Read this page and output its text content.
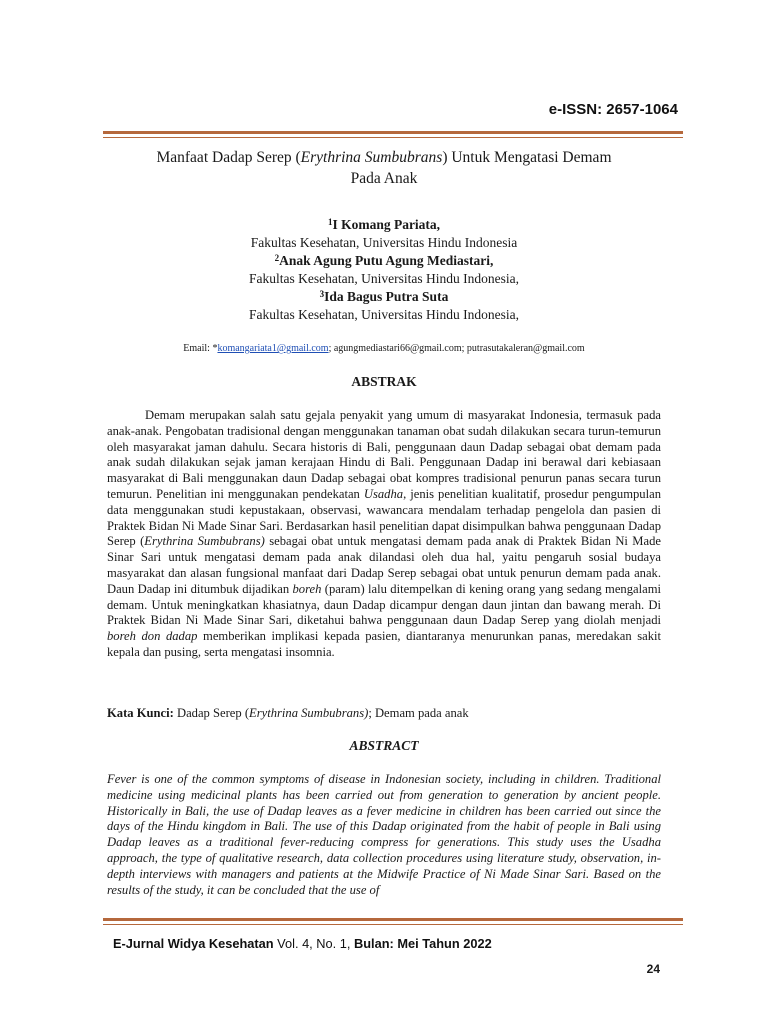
e-ISSN: 2657-1064
Manfaat Dadap Serep (Erythrina Sumbubrans) Untuk Mengatasi Demam
Pada Anak
$^1$I Komang Pariata,
Fakultas Kesehatan, Universitas Hindu Indonesia
$^2$Anak Agung Putu Agung Mediastari,
Fakultas Kesehatan, Universitas Hindu Indonesia,
$^3$Ida Bagus Putra Suta
Fakultas Kesehatan, Universitas Hindu Indonesia,
Email: *komangariata1@gmail.com; agungmediastari66@gmail.com; putrasutakaleran@gmail.com
ABSTRAK

Demam merupakan salah satu gejala penyakit yang umum di masyarakat Indonesia, termasuk pada anak-anak. Pengobatan tradisional dengan menggunakan tanaman obat sudah dilakukan secara turun-temurun oleh masyarakat jaman dahulu. Secara historis di Bali, penggunaan daun Dadap sebagai obat demam pada anak sudah dilakukan sejak jaman kerajaan Hindu di Bali. Penggunaan Dadap ini berawal dari kebiasaan masyarakat di Bali menggunakan daun Dadap sebagai obat kompres tradisional penurun panas secara turun temurun. Penelitian ini menggunakan pendekatan Usadha, jenis penelitian kualitatif, prosedur pengumpulan data menggunakan studi kepustakaan, observasi, wawancara mendalam terhadap pengelola dan pasien di Praktek Bidan Ni Made Sinar Sari. Berdasarkan hasil penelitian dapat disimpulkan bahwa penggunaan Dadap Serep (Erythrina Sumbubrans) sebagai obat untuk mengatasi demam pada anak di Praktek Bidan Ni Made Sinar Sari untuk mengatasi demam pada anak dilandasi oleh dua hal, yaitu pengaruh sosial budaya masyarakat dan alasan fungsional manfaat dari Dadap Serep sebagai obat untuk penurun demam pada anak. Daun Dadap ini ditumbuk dijadikan boreh (param) lalu ditempelkan di kening orang yang sedang mengalami demam. Untuk meningkatkan khasiatnya, daun Dadap dicampur dengan daun jintan dan bawang merah. Di Praktek Bidan Ni Made Sinar Sari, diketahui bahwa penggunaan daun Dadap Serep yang diolah menjadi boreh don dadap memberikan implikasi kepada pasien, diantaranya menurunkan panas, meredakan sakit kepala dan pusing, serta mengatasi insomnia.

Kata Kunci: Dadap Serep (Erythrina Sumbubrans); Demam pada anak
ABSTRACT
Fever is one of the common symptoms of disease in Indonesian society, including in children. Traditional medicine using medicinal plants has been carried out from generation to generation by ancient people. Historically in Bali, the use of Dadap leaves as a fever medicine in children has been carried out since the days of the Hindu kingdom in Bali. The use of this Dadap originated from the habit of people in Bali using Dadap leaves as a traditional fever-reducing compress for generations. This study uses the Usadha approach, the type of qualitative research, data collection procedures using literature study, observation, in-depth interviews with managers and patients at the Midwife Practice of Ni Made Sinar Sari. Based on the results of the study, it can be concluded that the use of
E-Jurnal Widya Kesehatan Vol. 4, No. 1, Bulan: Mei Tahun 2022
24
